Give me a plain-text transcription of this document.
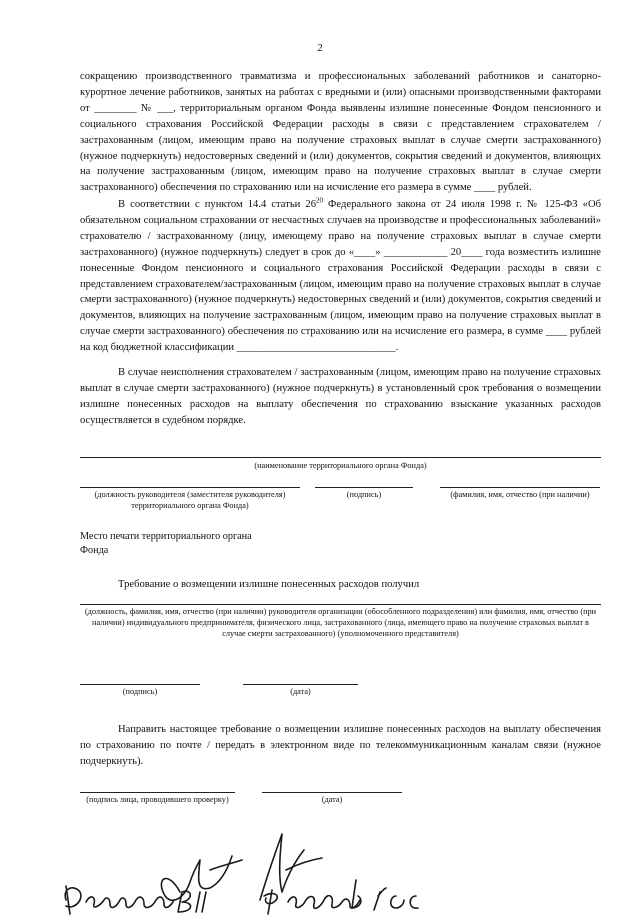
2
сокращению производственного травматизма и профессиональных заболеваний работников и санаторно-курортное лечение работников, занятых на работах с вредными и (или) опасными производственными факторами от ________ № ___, территориальным органом Фонда выявлены излишне понесенные Фондом пенсионного и социального страхования Российской Федерации расходы в связи с представлением страхователем / застрахованным (лицом, имеющим право на получение страховых выплат в случае смерти застрахованного) (нужное подчеркнуть) недостоверных сведений и (или) документов, сокрытия сведений и документов, влияющих на получение застрахованным (лицом, имеющим право на получение страховых выплат в случае смерти застрахованного) обеспечения по страхованию или на исчисление его размера в сумме ____ рублей.
В соответствии с пунктом 14.4 статьи $26^{20}$ Федерального закона от 24 июля 1998 г. № 125-ФЗ «Об обязательном социальном страховании от несчастных случаев на производстве и профессиональных заболеваний» страхователю / застрахованному (лицу, имеющему право на получение страховых выплат в случае смерти застрахованного) (нужное подчеркнуть) следует в срок до «____» ____________ 20____ года возместить излишне понесенные Фондом пенсионного и социального страхования Российской Федерации расходы в связи с представлением страхователем/застрахованным (лицом, имеющим право на получение страховых выплат в случае смерти застрахованного) (нужное подчеркнуть) недостоверных сведений и (или) документов, сокрытия сведений и документов, влияющих на получение застрахованным (лицом, имеющим право на получение страховых выплат в случае смерти застрахованного) обеспечения по страхованию или на исчисление его размера, в сумме ____ рублей на код бюджетной классификации ______________________________.
В случае неисполнения страхователем / застрахованным (лицом, имеющим право на получение страховых выплат в случае смерти застрахованного) (нужное подчеркнуть) в установленный срок требования о возмещении излишне понесенных расходов на выплату обеспечения по страхованию взыскание указанных расходов осуществляется в судебном порядке.
(наименование территориального органа Фонда)
(должность руководителя (заместителя руководителя) территориального органа Фонда)
(подпись)	(фамилия, имя, отчество (при наличии)
Место печати территориального органа Фонда
Требование о возмещении излишне понесенных расходов получил
(должность, фамилия, имя, отчество (при наличии) руководителя организации (обособленного подразделения) или фамилия, имя, отчество (при наличии) индивидуального предпринимателя, физического лица, застрахованного (лица, имеющего право на получение страховых выплат в случае смерти застрахованного) (уполномоченного представителя)
(подпись)	(дата)
Направить настоящее требование о возмещении излишне понесенных расходов на выплату обеспечения по страхованию по почте / передать в электронном виде по телекоммуникационным каналам связи (нужное подчеркнуть).
(подпись лица, проводившего проверку)	(дата)
